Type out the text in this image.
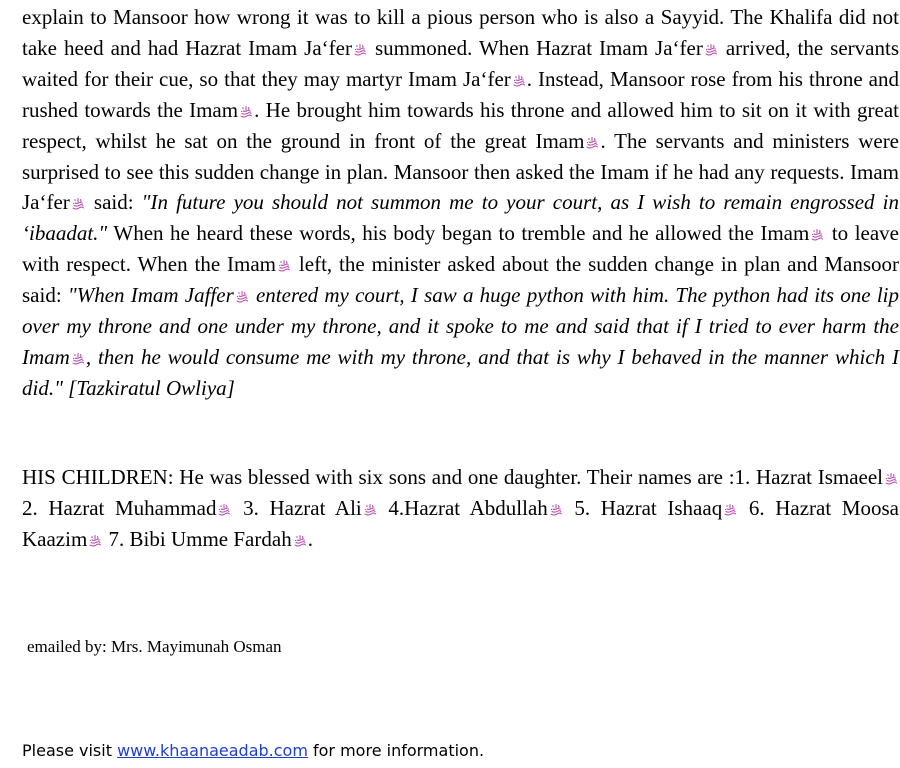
explain to Mansoor how wrong it was to kill a pious person who is also a Sayyid. The Khalifa did not take heed and had Hazrat Imam Ja‘fer
summoned. When Hazrat Imam Ja‘fer
arrived, the servants waited for their cue, so that they may martyr Imam Ja‘fer . Instead, Mansoor rose from his throne and rushed towards the Imam . He brought him towards his throne and allowed him to sit on it with great respect, whilst he sat on the ground in front of the great Imam . The servants and ministers were surprised to see this sudden change in plan. Mansoor then asked the Imam if he had any requests. Imam Ja‘fer
said: "In future you should not summon me to your court, as I wish to remain engrossed in ‘ibaadat." When he heard these words, his body began to tremble and he allowed the Imam
to leave with respect. When the Imam
left, the minister asked about the sudden change in plan and Mansoor said: "When Imam Jaffer
entered my court, I saw a huge python with him. The python had its one lip over my throne and one under my throne, and it spoke to me and said that if I tried to ever harm the Imam , then he would consume me with my throne, and that is why I behaved in the manner which I did." [Tazkiratul Owliya]

HIS CHILDREN: He was blessed with six sons and one daughter. Their names are :1. Hazrat Ismaeel
2. Hazrat Muhammad
3. Hazrat Ali
4.Hazrat Abdullah
5. Hazrat Ishaaq
6. Hazrat Moosa Kaazim
7. Bibi Umme Fardah .

emailed by: Mrs. Mayimunah Osman

Please visit www.khaanaeadab.com for more information.
